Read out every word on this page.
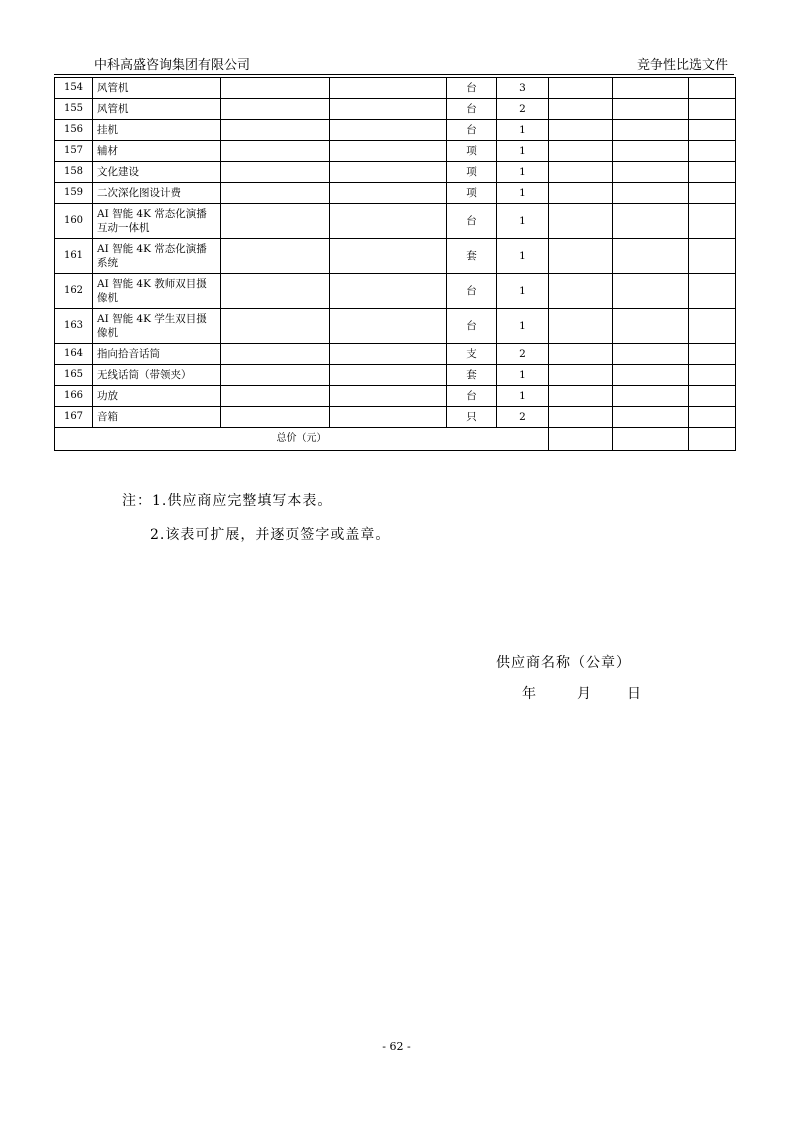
中科高盛咨询集团有限公司	竞争性比选文件
154	风管机			台	3			
155	风管机			台	2			
156	挂机			台	1			
157	辅材			项	1			
158	文化建设			项	1			
159	二次深化图设计费			项	1			
160	AI 智能 4K 常态化演播互动一体机			台	1			
161	AI 智能 4K 常态化演播系统			套	1			
162	AI 智能 4K 教师双目摄像机			台	1			
163	AI 智能 4K 学生双目摄像机			台	1			
164	指向拾音话筒			支	2			
165	无线话筒（带领夹）			套	1			
166	功放			台	1			
167	音箱			只	2			
总价（元）								
注：1.供应商应完整填写本表。
2.该表可扩展，并逐页签字或盖章。
供应商名称（公章）
年	月	日
- 62 -
